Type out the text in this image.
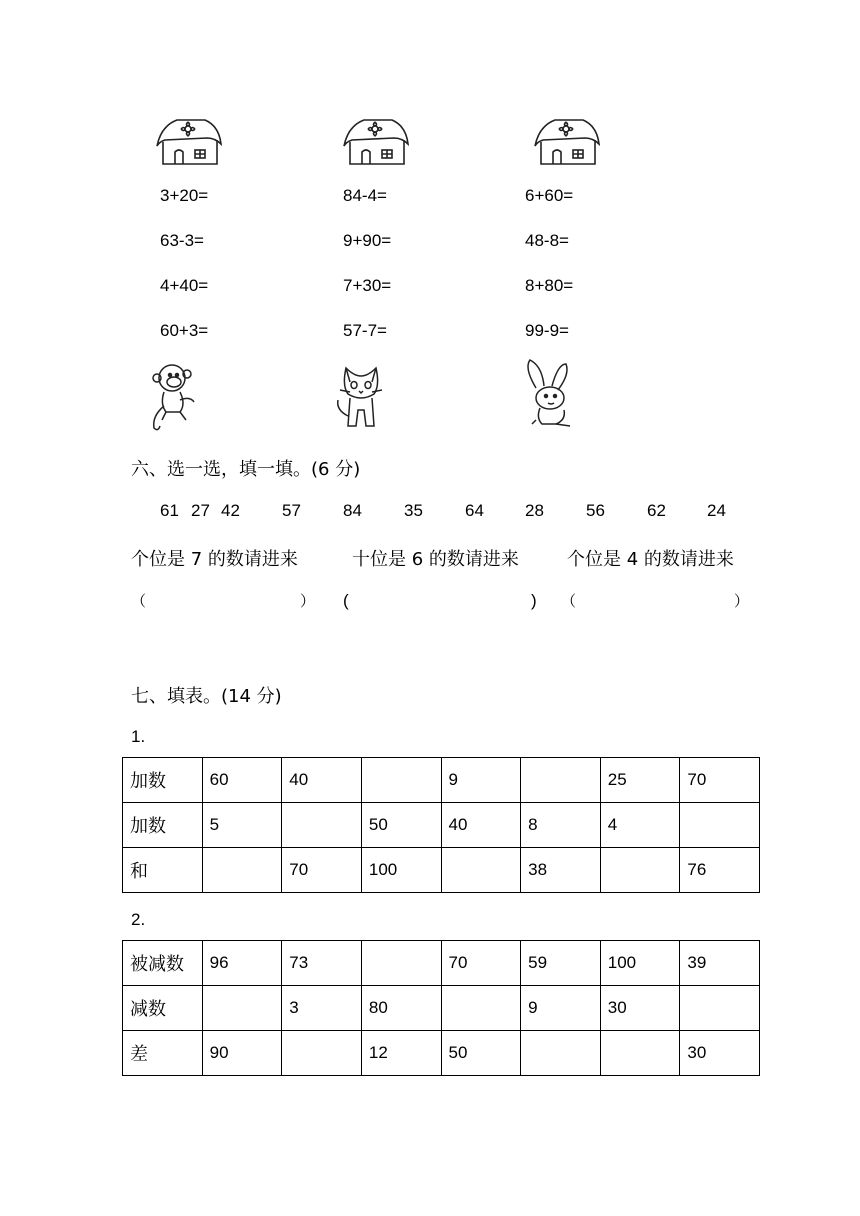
3+20=
63-3=
4+40=
60+3=
84-4=
9+90=
7+30=
57-7=
6+60=
48-8=
8+80=
99-9=
六、选一选，填一填。(6 分)
61 27 42 57 84 35 64 28 56 62 24
个位是 7 的数请进来	十位是 6 的数请进来	个位是 4 的数请进来
（	） (	) （	）
七、填表。(14 分)
1.
加数	60	40		9		25	70
加数	5		50	40	8	4	
和		70	100		38		76
2.
被减数	96	73		70	59	100	39
减数		3	80		9	30	
差	90		12	50			30
